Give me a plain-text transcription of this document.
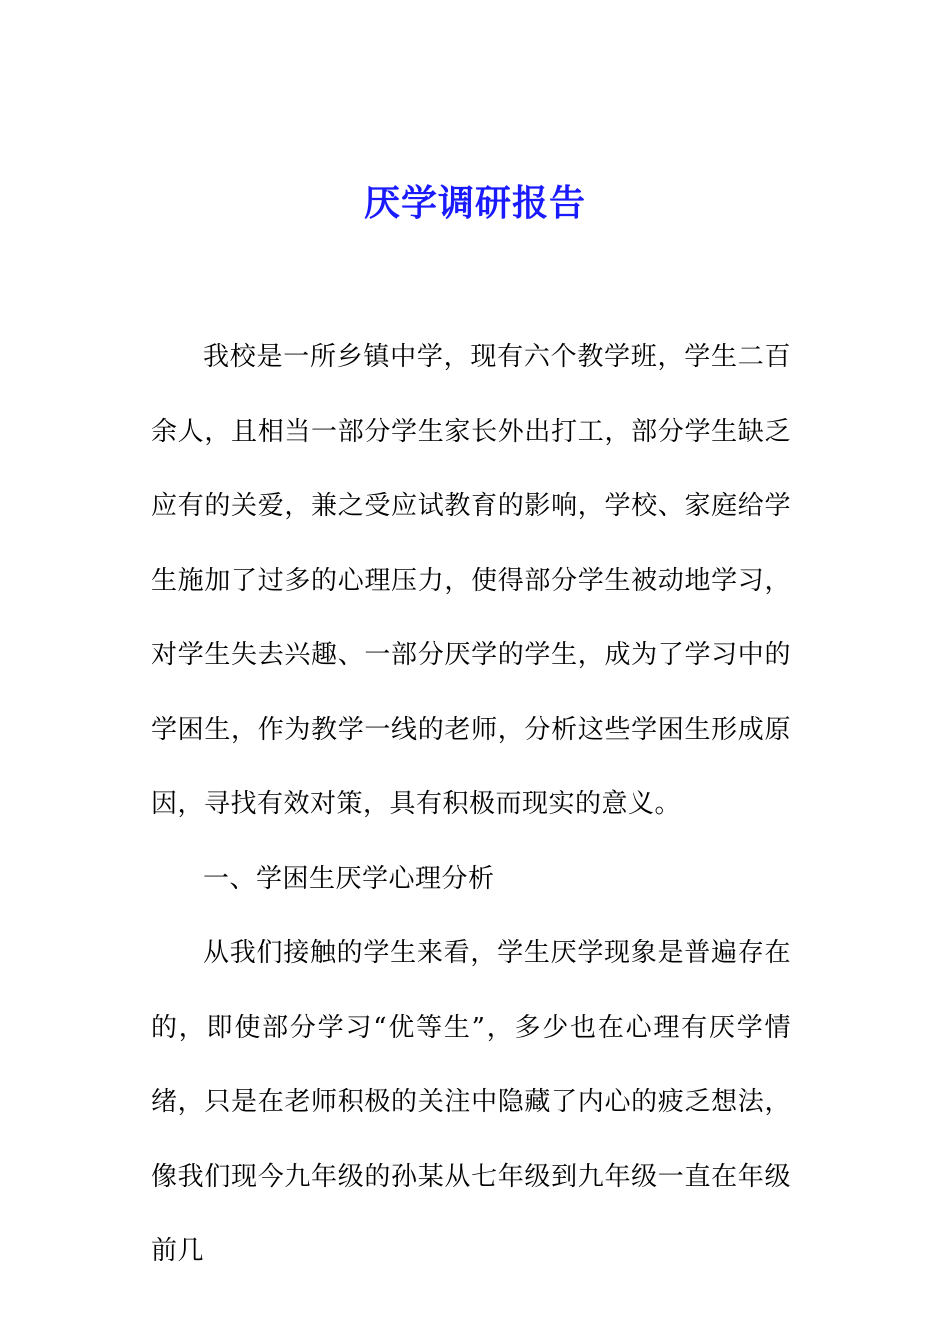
厌学调研报告

我校是一所乡镇中学，现有六个教学班，学生二百余人，且相当一部分学生家长外出打工，部分学生缺乏应有的关爱，兼之受应试教育的影响，学校、家庭给学生施加了过多的心理压力，使得部分学生被动地学习，对学生失去兴趣、一部分厌学的学生，成为了学习中的学困生，作为教学一线的老师，分析这些学困生形成原因，寻找有效对策，具有积极而现实的意义。

一、学困生厌学心理分析

从我们接触的学生来看，学生厌学现象是普遍存在的，即使部分学习“优等生”，多少也在心理有厌学情绪，只是在老师积极的关注中隐藏了内心的疲乏想法，像我们现今九年级的孙某从七年级到九年级一直在年级前几
